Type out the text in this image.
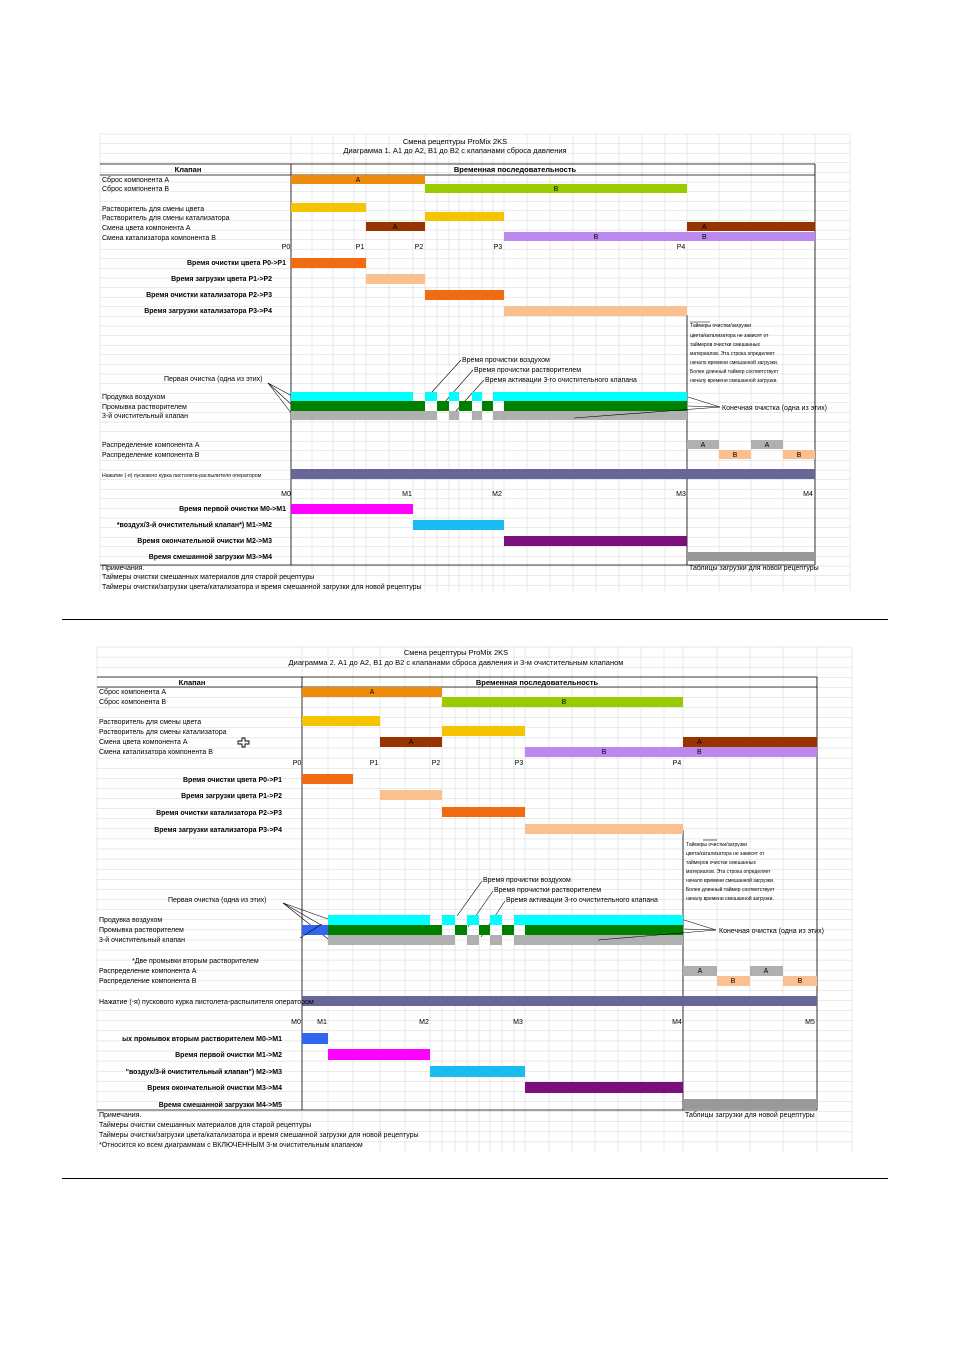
Смена рецептуры ProMix 2KS
Диаграмма 1. A1 до A2, B1 до B2 с клапанами сброса давления
Клапан	Временная последовательность
Сброс компонента A
Сброс компонента B
Растворитель для смены цвета
Растворитель для смены катализатора
Смена цвета компонента A
Смена катализатора компонента B
A
B
A	A
B	B
P0	P1	P2	P3	P4
Время очистки цвета P0->P1
Время загрузки цвета P1->P2
Время очистки катализатора P2->P3
Время загрузки катализатора P3->P4
Таймеры очистки/загрузки
цвета/катализатора не зависят от
таймеров очистки смешанных
материалов. Эта строка определяет
начало времени смешанной загрузки.
Более длинный таймер соответствует
началу времени смешанной загрузки.
Время прочистки воздухом
Время прочистки растворителем
Время активации 3-го очистительного клапана
Первая очистка (одна из этих)
Продувка воздухом
Промывка растворителем
3-й очистительный клапан
Конечная очистка (одна из этих)
Распределение компонента A
Распределение компонента B
A	A
B	B
Нажатие (-я) пускового курка пистолета-распылителя оператором
M0	M1	M2	M3	M4
Время первой очистки M0->M1
*воздух/3-й очистительный клапан*) M1->M2
Время окончательной очистки M2->M3
Время смешанной загрузки M3->M4
Примечания.
Таймеры очистки смешанных материалов для старой рецептуры
Таймеры очистки/загрузки цвета/катализатора и время смешанной загрузки для новой рецептуры
Таблицы загрузки для новой рецептуры
Смена рецептуры ProMix 2KS
Диаграмма 2. A1 до A2, B1 до B2 с клапанами сброса давления и 3-м очистительным клапаном
Клапан	Временная последовательность
Сброс компонента A
Сброс компонента B
Растворитель для смены цвета
Растворитель для смены катализатора
Смена цвета компонента A
Смена катализатора компонента B
A
B
A	A
B	B
P0	P1	P2	P3	P4
Время очистки цвета P0->P1
Время загрузки цвета P1->P2
Время очистки катализатора P2->P3
Время загрузки катализатора P3->P4
Таймеры очистки/загрузки
цвета/катализатора не зависят от
таймеров очистки смешанных
материалов. Эта строка определяет
начало времени смешанной загрузки.
Более длинный таймер соответствует
началу времени смешанной загрузки.
Время прочистки воздухом
Время прочистки растворителем
Время активации 3-го очистительного клапана
Первая очистка (одна из этих)
Продувка воздухом
Промывка растворителем
3-й очистительный клапан
Конечная очистка (одна из этих)
*Две промывки вторым растворителем
Распределение компонента A
Распределение компонента B
A	A
B	B
Нажатие (-я) пускового курка пистолета-распылителя оператором
M0 M1	M2	M3	M4	M5
ых промывок вторым растворителем M0->M1
Время первой очистки M1->M2
"воздух/3-й очистительный клапан") M2->M3
Время окончательной очистки M3->M4
Время смешанной загрузки M4->M5
Примечания.
Таймеры очистки смешанных материалов для старой рецептуры
Таймеры очистки/загрузки цвета/катализатора и время смешанной загрузки для новой рецептуры
*Относится ко всем диаграммам с ВКЛЮЧЕННЫМ 3-м очистительным клапаном
Таблицы загрузки для новой рецептуры
